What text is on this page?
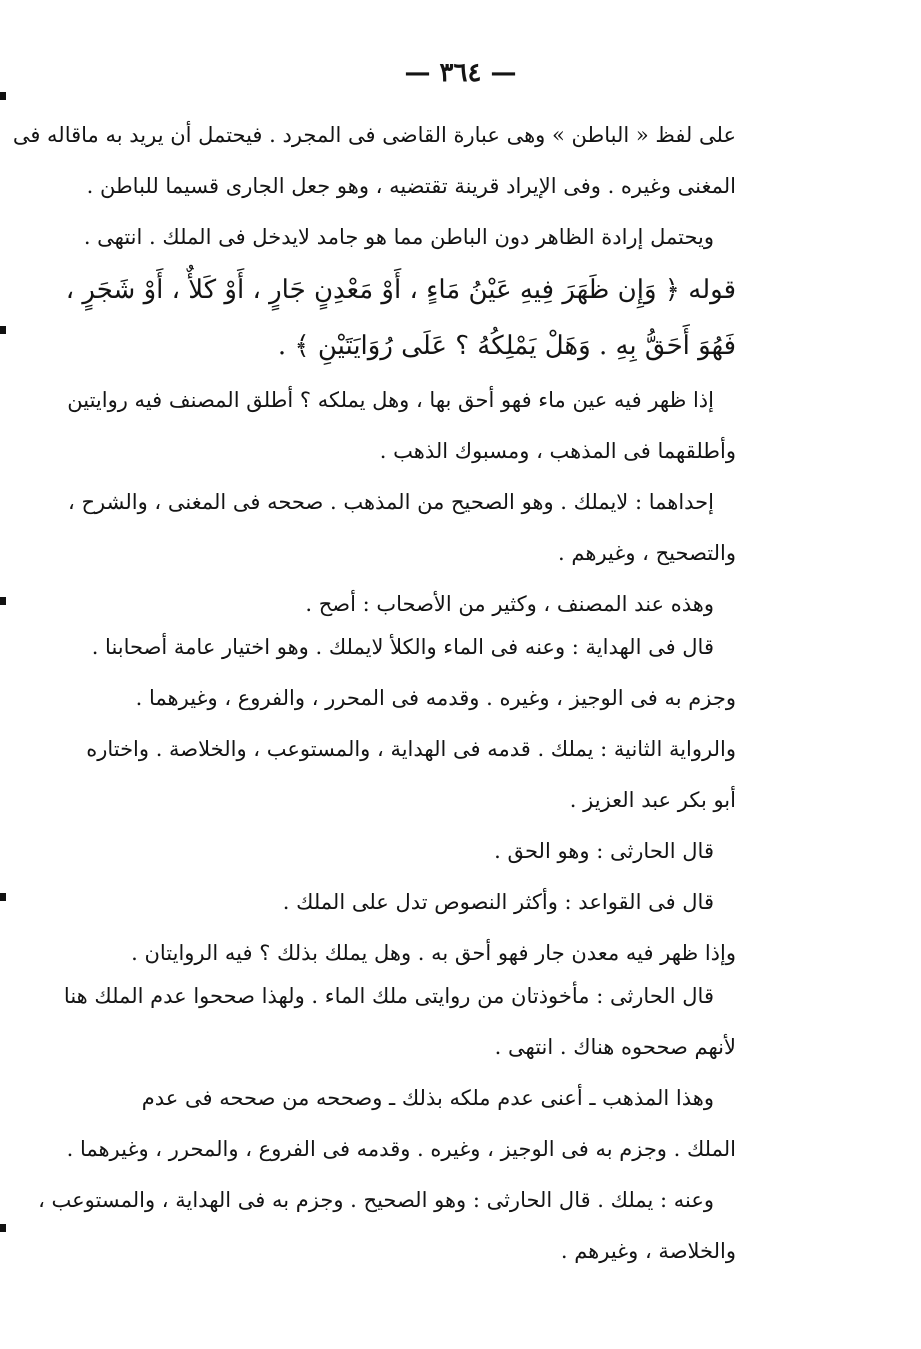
— ٣٦٤ —
على لفظ « الباطن » وهى عبارة القاضى فى المجرد . فيحتمل أن يريد به ماقاله فى
المغنى وغيره . وفى الإيراد قرينة تقتضيه ، وهو جعل الجارى قسيما للباطن .
ويحتمل إرادة الظاهر دون الباطن مما هو جامد لايدخل فى الملك . انتهى .
قوله ﴿ وَإِن ظَهَرَ فِيهِ عَيْنُ مَاءٍ ، أَوْ مَعْدِنٍ جَارٍ ، أَوْ كَلأٌ ، أَوْ شَجَرٍ ،
فَهُوَ أَحَقُّ بِهِ . وَهَلْ يَمْلِكُهُ ؟ عَلَى رُوَايَتَيْنِ ﴾ .
إذا ظهر فيه عين ماء فهو أحق بها ، وهل يملكه ؟ أطلق المصنف فيه روايتين
وأطلقهما فى المذهب ، ومسبوك الذهب .
إحداهما : لايملك . وهو الصحيح من المذهب . صححه فى المغنى ، والشرح ،
والتصحيح ، وغيرهم .
وهذه عند المصنف ، وكثير من الأصحاب : أصح .
قال فى الهداية : وعنه فى الماء والكلأ لايملك . وهو اختيار عامة أصحابنا .
وجزم به فى الوجيز ، وغيره . وقدمه فى المحرر ، والفروع ، وغيرهما .
والرواية الثانية : يملك . قدمه فى الهداية ، والمستوعب ، والخلاصة . واختاره
أبو بكر عبد العزيز .
قال الحارثى : وهو الحق .
قال فى القواعد : وأكثر النصوص تدل على الملك .
وإذا ظهر فيه معدن جار فهو أحق به . وهل يملك بذلك ؟ فيه الروايتان .
قال الحارثى : مأخوذتان من روايتى ملك الماء . ولهذا صححوا عدم الملك هنا
لأنهم صححوه هناك . انتهى .
وهذا المذهب ـ أعنى عدم ملكه بذلك ـ وصححه من صححه فى عدم
الملك . وجزم به فى الوجيز ، وغيره . وقدمه فى الفروع ، والمحرر ، وغيرهما .
وعنه : يملك . قال الحارثى : وهو الصحيح . وجزم به فى الهداية ، والمستوعب ،
والخلاصة ، وغيرهم .
